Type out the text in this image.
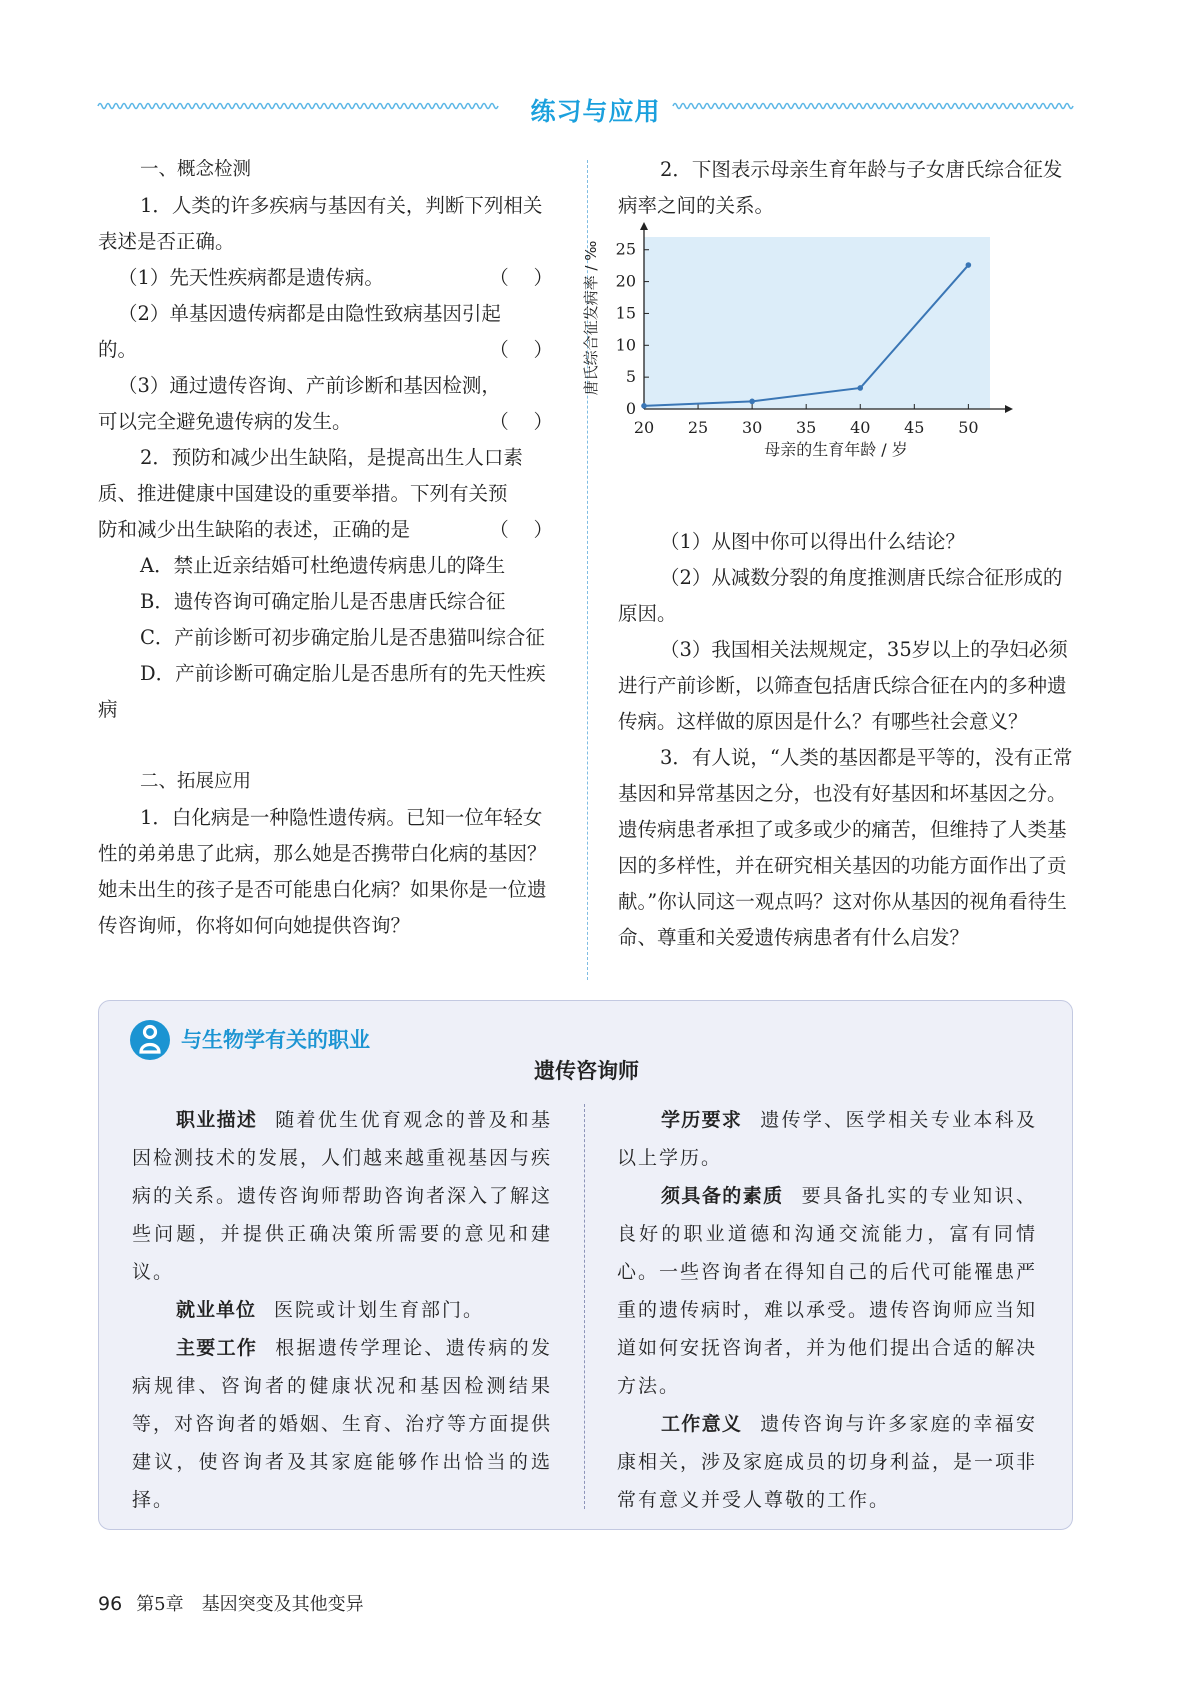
练习与应用

一、概念检测

1．人类的许多疾病与基因有关，判断下列相关表述是否正确。

（1）先天性疾病都是遗传病。	（    ）

（2）单基因遗传病都是由隐性致病基因引起

的。	（    ）

（3）通过遗传咨询、产前诊断和基因检测，

可以完全避免遗传病的发生。	（    ）

2．预防和减少出生缺陷，是提高出生人口素质、推进健康中国建设的重要举措。下列有关预

防和减少出生缺陷的表述，正确的是	（    ）

A．禁止近亲结婚可杜绝遗传病患儿的降生

B．遗传咨询可确定胎儿是否患唐氏综合征

C．产前诊断可初步确定胎儿是否患猫叫综合征

D．产前诊断可确定胎儿是否患所有的先天性疾病

二、拓展应用

1．白化病是一种隐性遗传病。已知一位年轻女性的弟弟患了此病，那么她是否携带白化病的基因？她未出生的孩子是否可能患白化病？如果你是一位遗传咨询师，你将如何向她提供咨询？

2．下图表示母亲生育年龄与子女唐氏综合征发病率之间的关系。

（1）从图中你可以得出什么结论？

（2）从减数分裂的角度推测唐氏综合征形成的原因。

（3）我国相关法规规定，35岁以上的孕妇必须进行产前诊断，以筛查包括唐氏综合征在内的多种遗传病。这样做的原因是什么？有哪些社会意义？

3．有人说，“人类的基因都是平等的，没有正常基因和异常基因之分，也没有好基因和坏基因之分。遗传病患者承担了或多或少的痛苦，但维持了人类基因的多样性，并在研究相关基因的功能方面作出了贡献。”你认同这一观点吗？这对你从基因的视角看待生命、尊重和关爱遗传病患者有什么启发？

20 25 30 35 40 45 50
0
5
10
15
20
25
母亲的生育年龄 / 岁
唐氏综合征发病率 / ‰
与生物学有关的职业
遗传咨询师

职业描述 随着优生优育观念的普及和基因检测技术的发展，人们越来越重视基因与疾病的关系。遗传咨询师帮助咨询者深入了解这些问题，并提供正确决策所需要的意见和建议。

就业单位 医院或计划生育部门。

主要工作 根据遗传学理论、遗传病的发病规律、咨询者的健康状况和基因检测结果等，对咨询者的婚姻、生育、治疗等方面提供建议，使咨询者及其家庭能够作出恰当的选择。

学历要求 遗传学、医学相关专业本科及以上学历。

须具备的素质 要具备扎实的专业知识、良好的职业道德和沟通交流能力，富有同情心。一些咨询者在得知自己的后代可能罹患严重的遗传病时，难以承受。遗传咨询师应当知道如何安抚咨询者，并为他们提出合适的解决方法。

工作意义 遗传咨询与许多家庭的幸福安康相关，涉及家庭成员的切身利益，是一项非常有意义并受人尊敬的工作。

96 第5章　基因突变及其他变异
